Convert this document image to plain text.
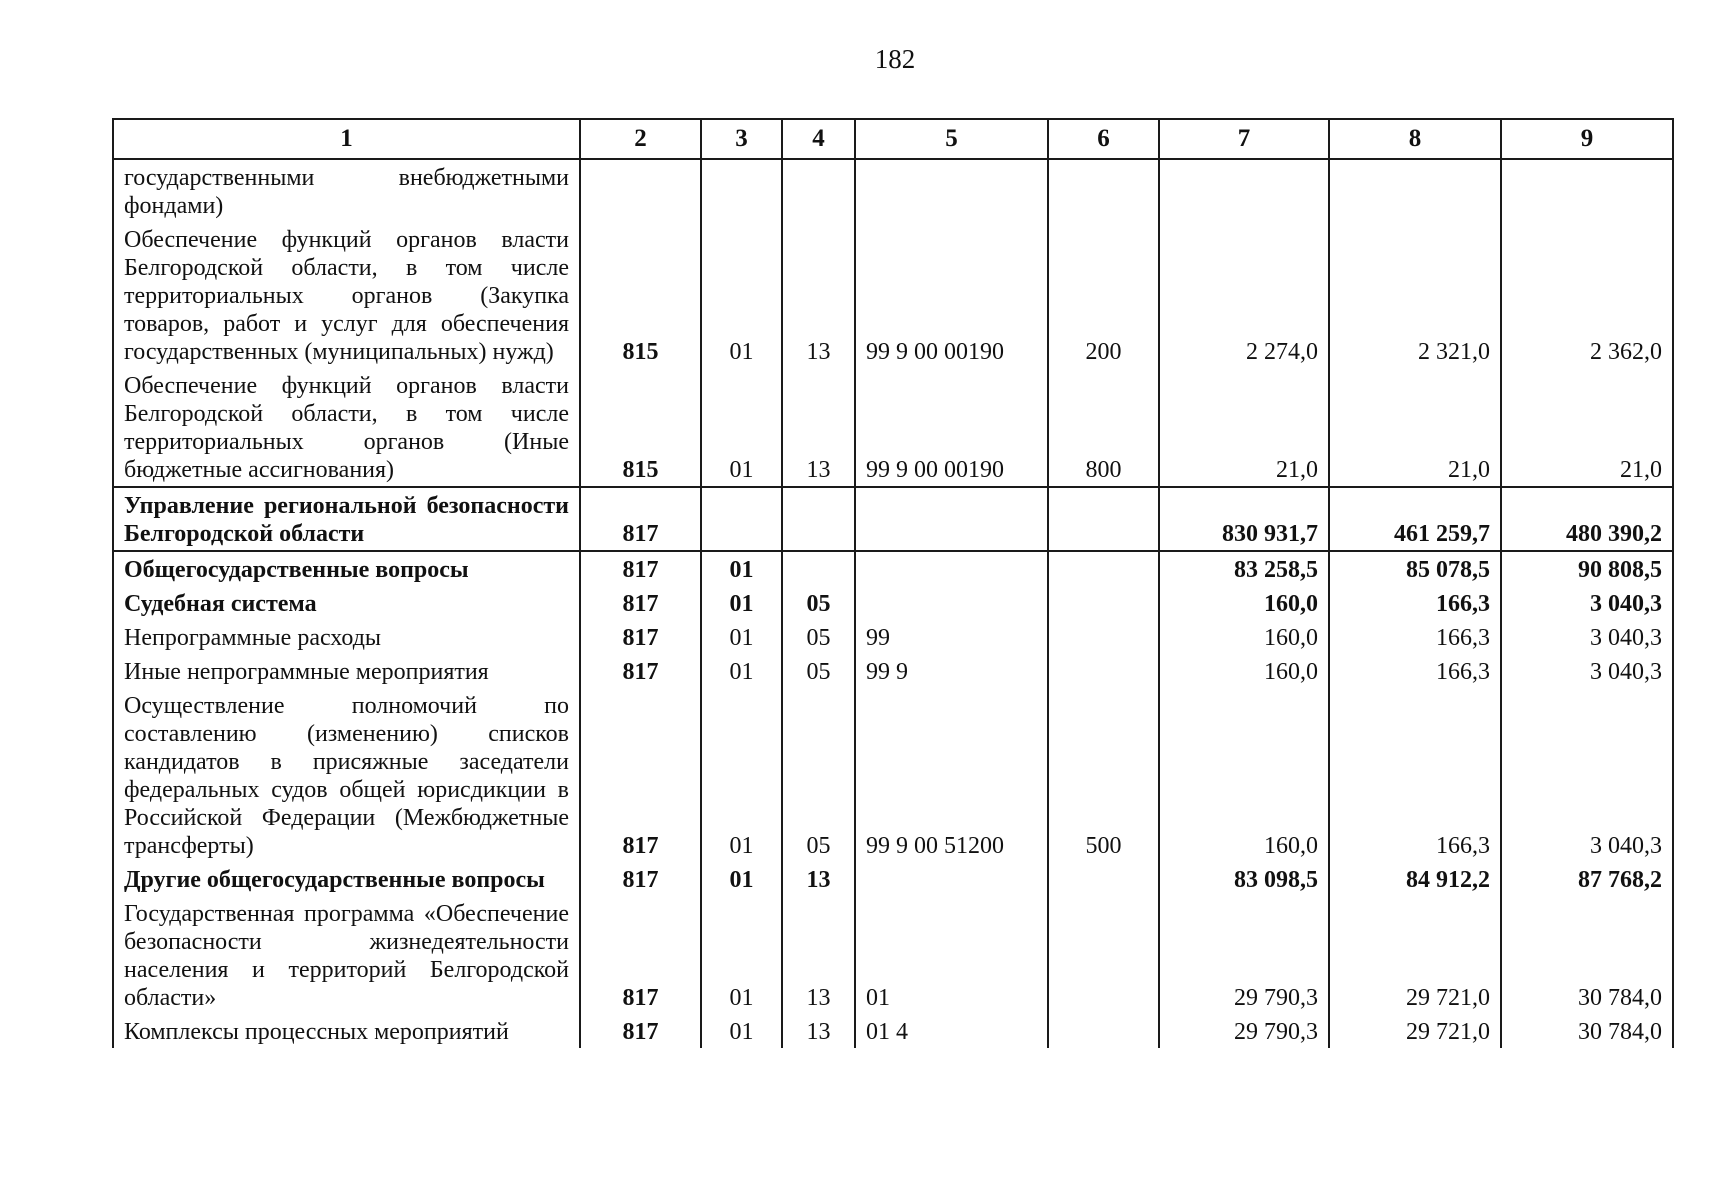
182
1	2	3	4	5	6	7	8	9
государственными внебюджетными фондами)								
Обеспечение функций органов власти Белгородской области, в том числе территориальных органов (Закупка товаров, работ и услуг для обеспечения государственных (муниципальных) нужд)	815	01	13	99 9 00 00190	200	2 274,0	2 321,0	2 362,0
Обеспечение функций органов власти Белгородской области, в том числе территориальных органов (Иные бюджетные ассигнования)	815	01	13	99 9 00 00190	800	21,0	21,0	21,0
Управление региональной безопасности Белгородской области	817					830 931,7	461 259,7	480 390,2
Общегосударственные вопросы	817	01				83 258,5	85 078,5	90 808,5
Судебная система	817	01	05			160,0	166,3	3 040,3
Непрограммные расходы	817	01	05	99		160,0	166,3	3 040,3
Иные непрограммные мероприятия	817	01	05	99 9		160,0	166,3	3 040,3
Осуществление полномочий по составлению (изменению) списков кандидатов в присяжные заседатели федеральных судов общей юрисдикции в Российской Федерации (Межбюджетные трансферты)	817	01	05	99 9 00 51200	500	160,0	166,3	3 040,3
Другие общегосударственные вопросы	817	01	13			83 098,5	84 912,2	87 768,2
Государственная программа «Обеспечение безопасности жизнедеятельности населения и территорий Белгородской области»	817	01	13	01		29 790,3	29 721,0	30 784,0
Комплексы процессных мероприятий	817	01	13	01 4		29 790,3	29 721,0	30 784,0
